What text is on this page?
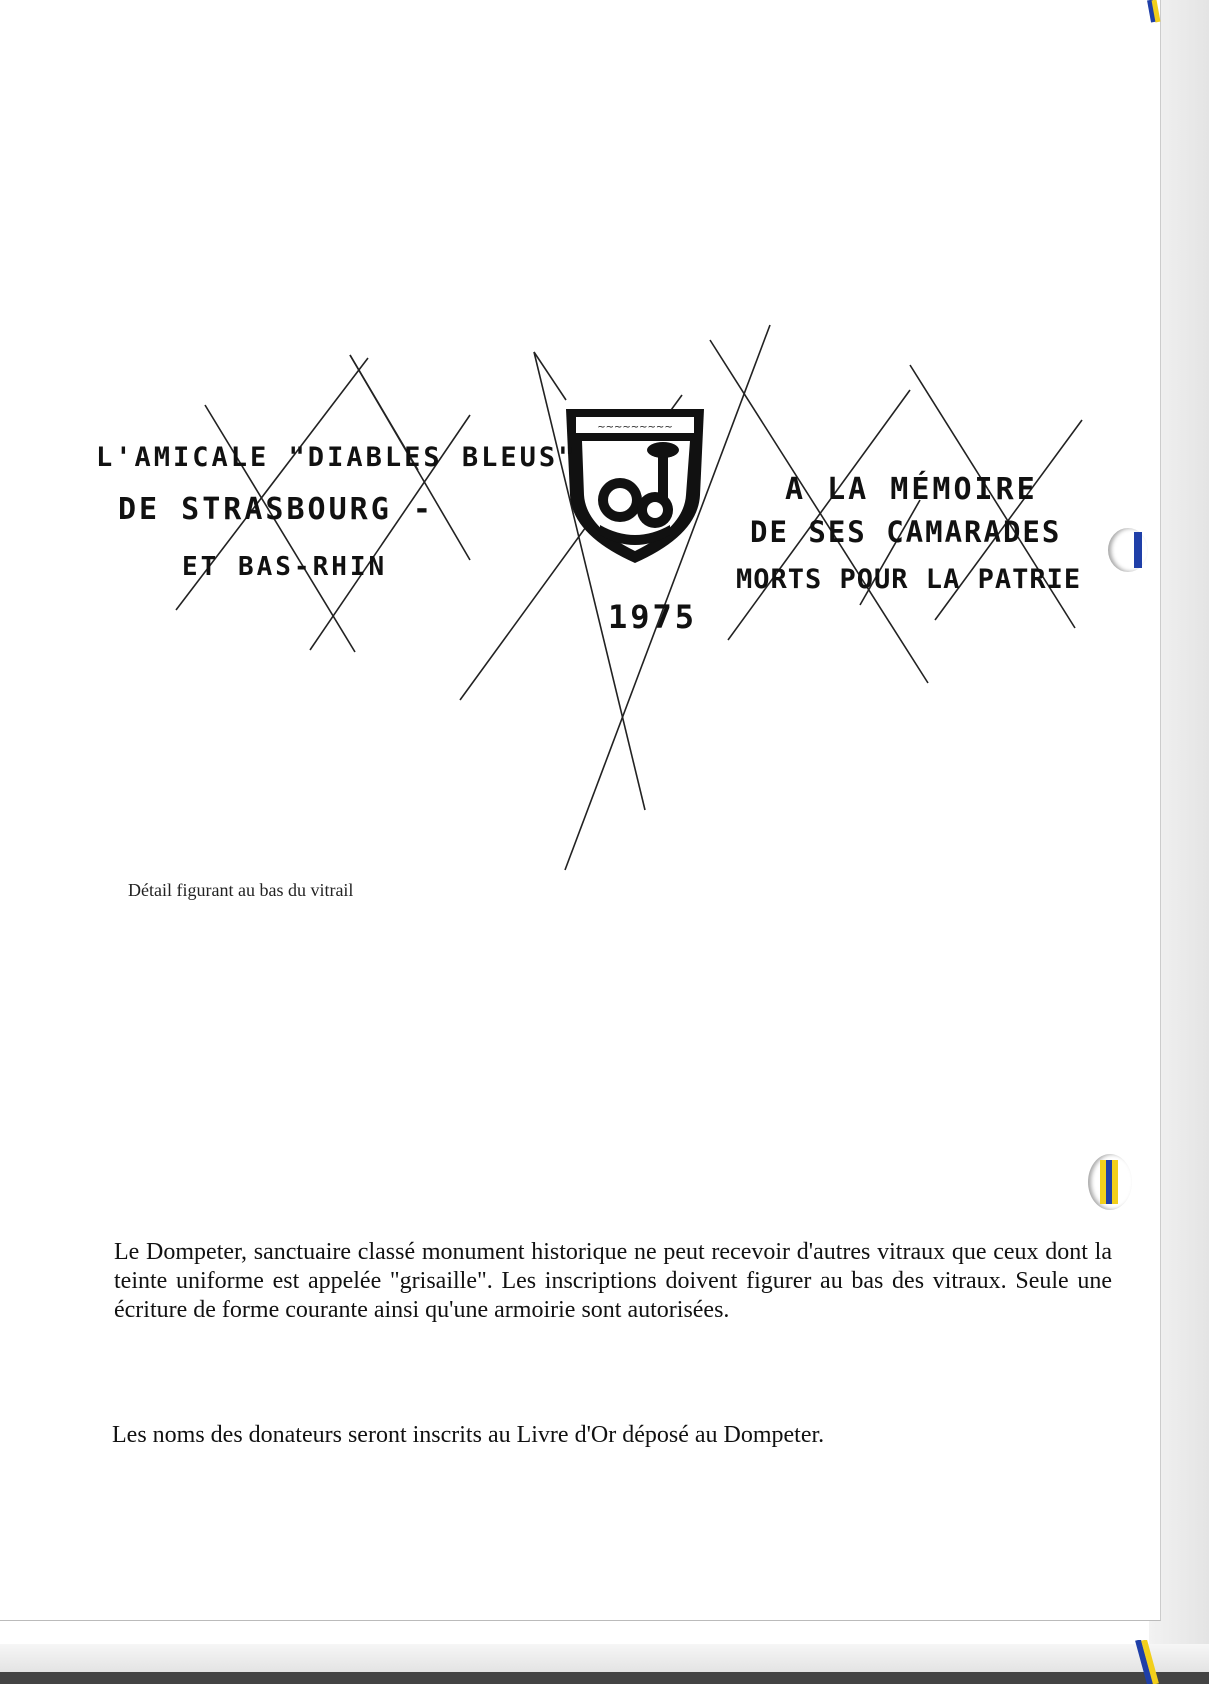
~~~~~~~~~
L'AMICALE "DIABLES BLEUS"
DE STRASBOURG -
ET BAS-RHIN
A LA MÉMOIRE
DE SES CAMARADES
MORTS POUR LA PATRIE
1975
Détail figurant au bas du vitrail
Le Dompeter, sanctuaire classé monument historique ne peut recevoir d'autres vitraux que ceux dont la teinte uniforme est appelée "grisaille". Les inscriptions doivent figurer au bas des vitraux. Seule une écriture de forme courante ainsi qu'une armoirie sont autorisées.
Les noms des donateurs seront inscrits au Livre d'Or déposé au Dompeter.
